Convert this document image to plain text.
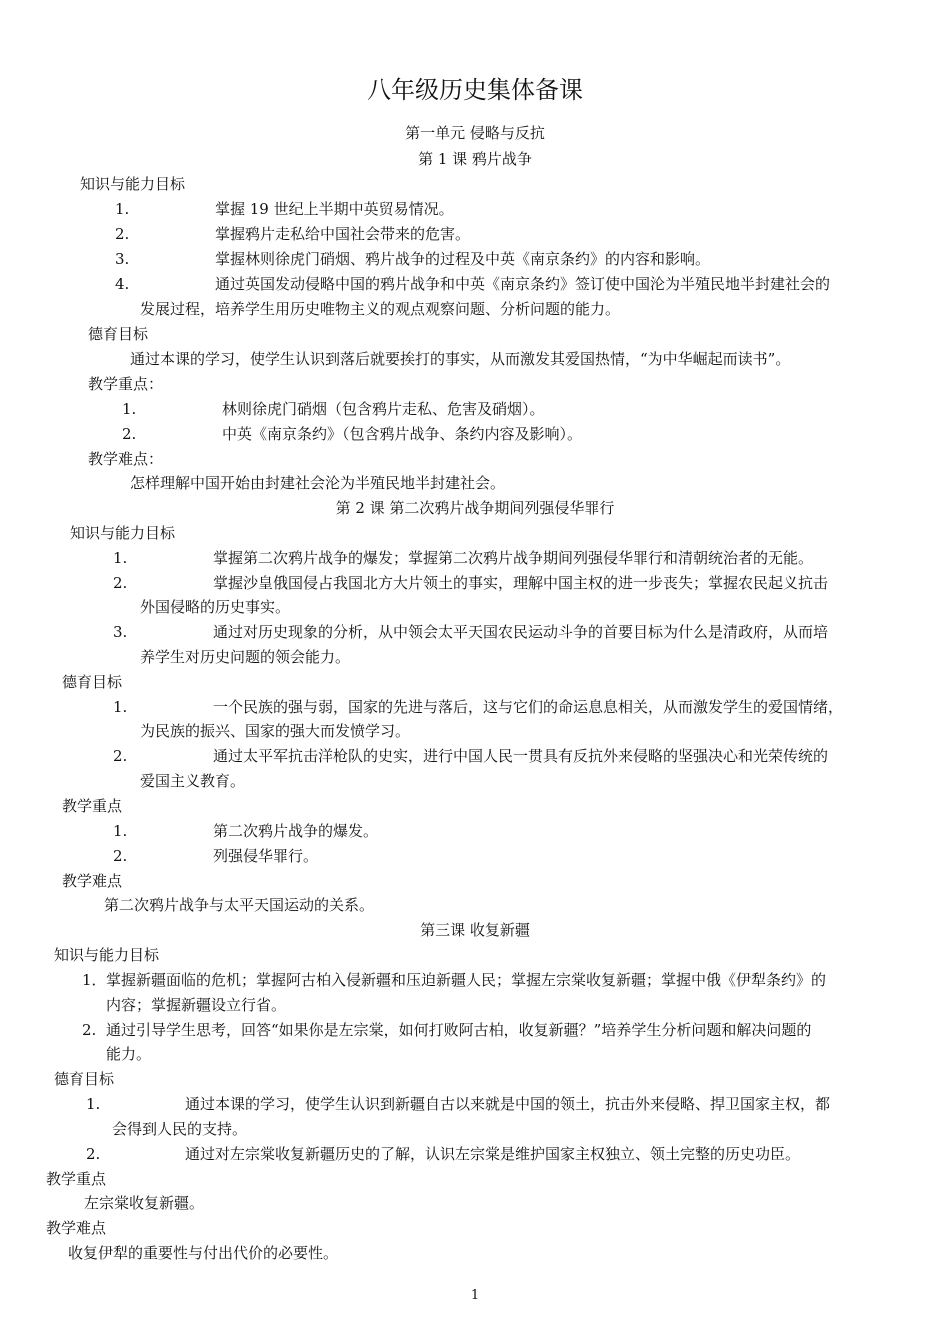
八年级历史集体备课
第一单元 侵略与反抗
第 1 课 鸦片战争
知识与能力目标
1.	掌握 19 世纪上半期中英贸易情况。
2.	掌握鸦片走私给中国社会带来的危害。
3.	掌握林则徐虎门硝烟、鸦片战争的过程及中英《南京条约》的内容和影响。
4.	通过英国发动侵略中国的鸦片战争和中英《南京条约》签订使中国沦为半殖民地半封建社会的
发展过程，培养学生用历史唯物主义的观点观察问题、分析问题的能力。
德育目标
通过本课的学习，使学生认识到落后就要挨打的事实，从而激发其爱国热情，“为中华崛起而读书”。
教学重点：
1.	林则徐虎门硝烟（包含鸦片走私、危害及硝烟）。
2.	中英《南京条约》（包含鸦片战争、条约内容及影响）。
教学难点：
怎样理解中国开始由封建社会沦为半殖民地半封建社会。
第 2 课 第二次鸦片战争期间列强侵华罪行
知识与能力目标
1.	掌握第二次鸦片战争的爆发；掌握第二次鸦片战争期间列强侵华罪行和清朝统治者的无能。
2.	掌握沙皇俄国侵占我国北方大片领土的事实，理解中国主权的进一步丧失；掌握农民起义抗击
外国侵略的历史事实。
3.	通过对历史现象的分析，从中领会太平天国农民运动斗争的首要目标为什么是清政府，从而培
养学生对历史问题的领会能力。
德育目标
1.	一个民族的强与弱，国家的先进与落后，这与它们的命运息息相关，从而激发学生的爱国情绪，
为民族的振兴、国家的强大而发愤学习。
2.	通过太平军抗击洋枪队的史实，进行中国人民一贯具有反抗外来侵略的坚强决心和光荣传统的
爱国主义教育。
教学重点
1.	第二次鸦片战争的爆发。
2.	列强侵华罪行。
教学难点
第二次鸦片战争与太平天国运动的关系。
第三课 收复新疆
知识与能力目标
1． 掌握新疆面临的危机；掌握阿古柏入侵新疆和压迫新疆人民；掌握左宗棠收复新疆；掌握中俄《伊犁条约》的
内容；掌握新疆设立行省。
2. 通过引导学生思考，回答“如果你是左宗棠，如何打败阿古柏，收复新疆？”培养学生分析问题和解决问题的
能力。
德育目标
1.	通过本课的学习，使学生认识到新疆自古以来就是中国的领土，抗击外来侵略、捍卫国家主权，都
会得到人民的支持。
2.	通过对左宗棠收复新疆历史的了解，认识左宗棠是维护国家主权独立、领土完整的历史功臣。
教学重点
左宗棠收复新疆。
教学难点
收复伊犁的重要性与付出代价的必要性。
1
